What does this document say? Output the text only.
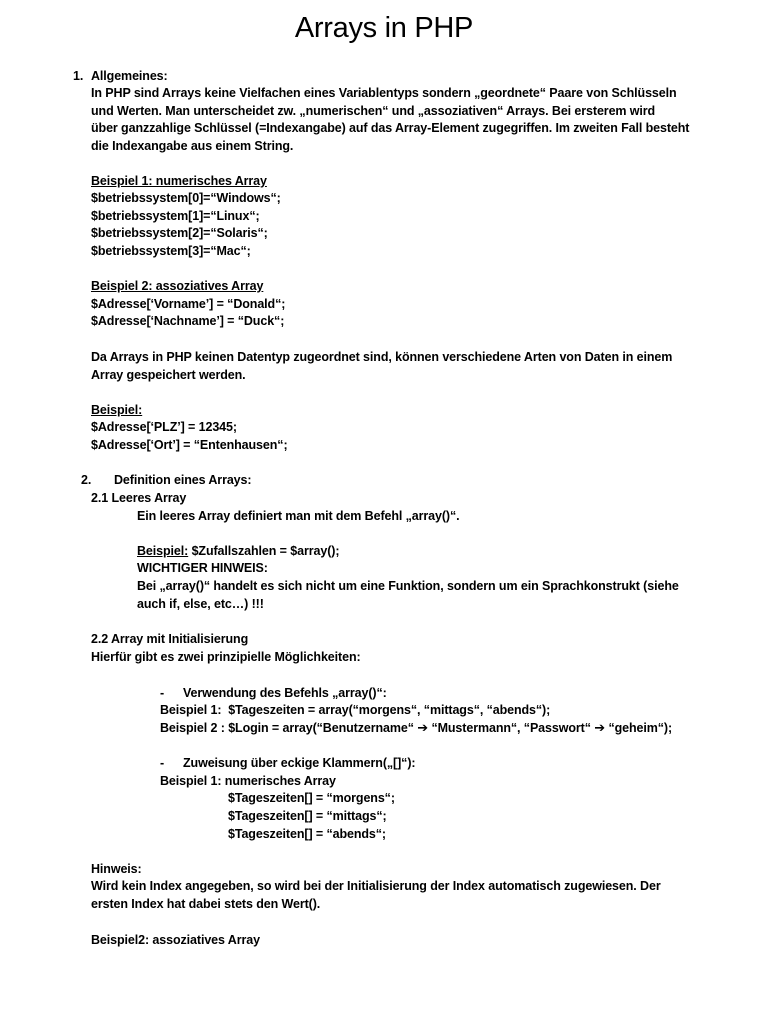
Arrays in PHP
1. Allgemeines:
In PHP sind Arrays keine Vielfachen eines Variablentyps sondern „geordnete“ Paare von Schlüsseln
und Werten. Man unterscheidet zw. „numerischen“ und „assoziativen“ Arrays. Bei ersterem wird
über ganzzahlige Schlüssel (=Indexangabe) auf das Array-Element zugegriffen. Im zweiten Fall besteht
die Indexangabe aus einem String.
Beispiel 1: numerisches Array
$betriebssystem[0]=“Windows“;
$betriebssystem[1]=“Linux“;
$betriebssystem[2]=“Solaris“;
$betriebssystem[3]=“Mac“;
Beispiel 2: assoziatives Array
$Adresse[‘Vorname’] = “Donald“;
$Adresse[‘Nachname’] = “Duck“;
Da Arrays in PHP keinen Datentyp zugeordnet sind, können verschiedene Arten von Daten in einem
Array gespeichert werden.
Beispiel:
$Adresse[‘PLZ’] = 12345;
$Adresse[‘Ort’] = “Entenhausen“;
2. Definition eines Arrays:
2.1 Leeres Array
Ein leeres Array definiert man mit dem Befehl „array()“.
Beispiel: $Zufallszahlen = $array();
WICHTIGER HINWEIS:
Bei „array()“ handelt es sich nicht um eine Funktion, sondern um ein Sprachkonstrukt (siehe
auch if, else, etc…) !!!
2.2 Array mit Initialisierung
Hierfür gibt es zwei prinzipielle Möglichkeiten:
- Verwendung des Befehls „array()“:
Beispiel 1: $Tageszeiten = array(“morgens“, “mittags“, “abends“);
Beispiel 2 : $Login = array(“Benutzername“ ➔ “Mustermann“, “Passwort“ ➔ “geheim“);
- Zuweisung über eckige Klammern(„[]“):
Beispiel 1: numerisches Array
$Tageszeiten[] = “morgens“;
$Tageszeiten[] = “mittags“;
$Tageszeiten[] = “abends“;
Hinweis:
Wird kein Index angegeben, so wird bei der Initialisierung der Index automatisch zugewiesen. Der
ersten Index hat dabei stets den Wert().
Beispiel2: assoziatives Array
